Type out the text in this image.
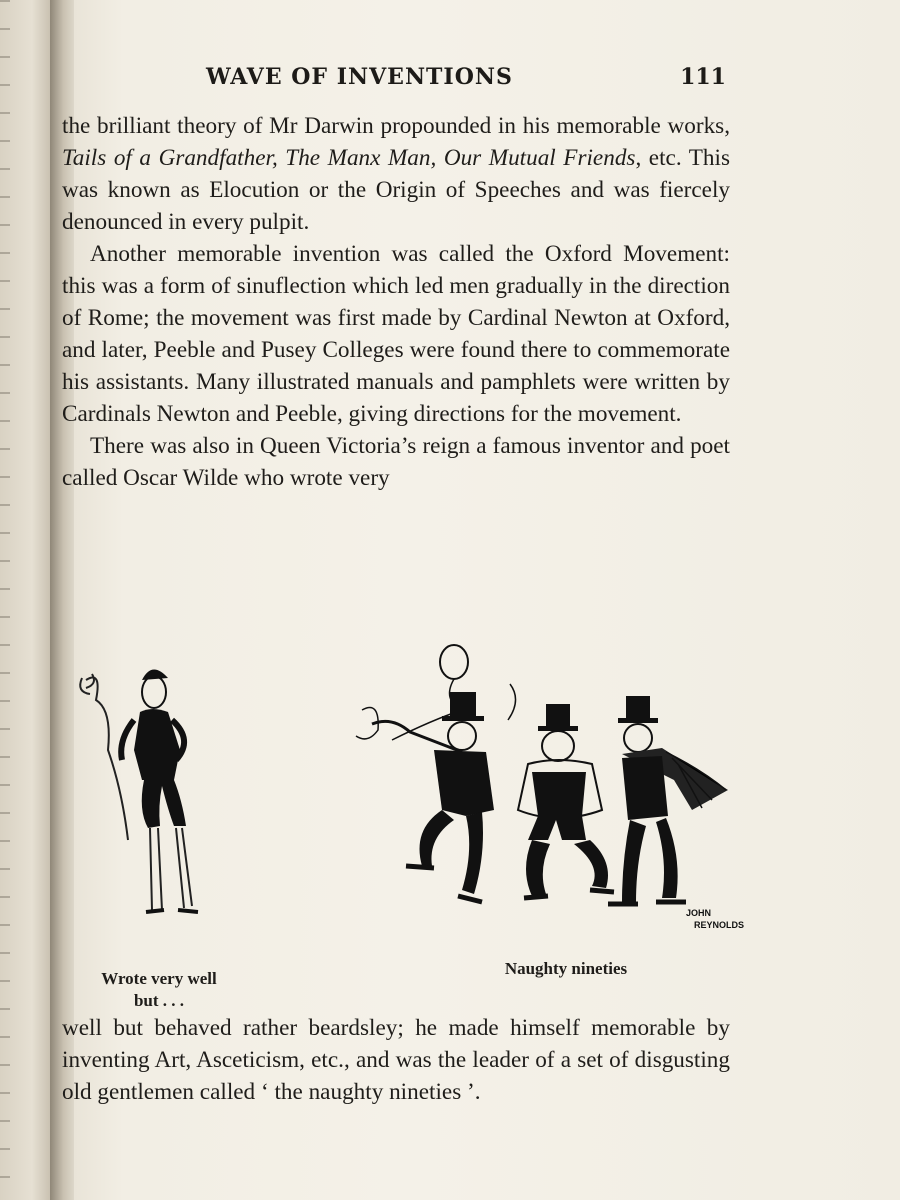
WAVE OF INVENTIONS	111

the brilliant theory of Mr Darwin propounded in his memorable works, Tails of a Grandfather, The Manx Man, Our Mutual Friends, etc. This was known as Elocution or the Origin of Speeches and was fiercely denounced in every pulpit.

Another memorable invention was called the Oxford Movement: this was a form of sinuflection which led men gradually in the direction of Rome; the movement was first made by Cardinal Newton at Oxford, and later, Peeble and Pusey Colleges were found there to commemorate his assistants. Many illustrated manuals and pamphlets were written by Cardinals Newton and Peeble, giving directions for the movement.

There was also in Queen Victoria’s reign a famous inventor and poet called Oscar Wilde who wrote very

JOHN
REYNOLDS
Wrote very well
but . . .
Naughty nineties

well but behaved rather beardsley; he made himself memorable by inventing Art, Asceticism, etc., and was the leader of a set of disgusting old gentlemen called ‘ the naughty nineties ’.
